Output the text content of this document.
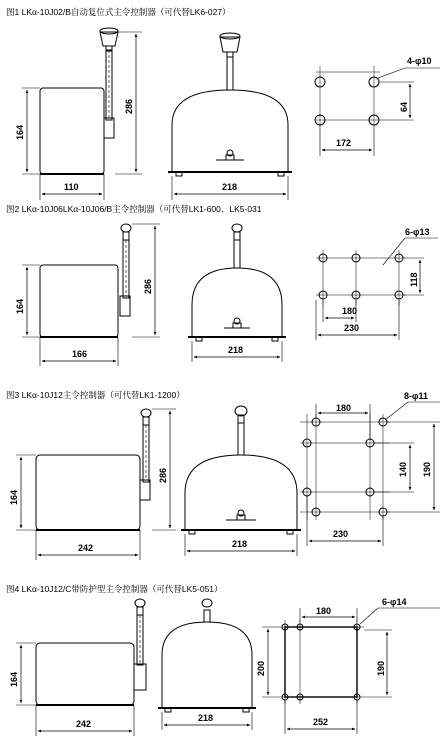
图1 LKα-10J02/B自动复位式主令控制器（可代替LK6-027）
164
286
110	218
4-φ10
64
172
图2 LKα-10J06LKα-10J06/B主令控制器（可代替LK1-600、LK5-031
164
286
166	218
6-φ13
118
180
230
图3 LKα-10J12主令控制器（可代替LK1-1200）
164
286
242	218
8-φ11
180
140 190
230
图4 LKα-10J12/C带防护型主令控制器（可代替LK5-051）
164
242
218
6-φ14
180
200	190
252
